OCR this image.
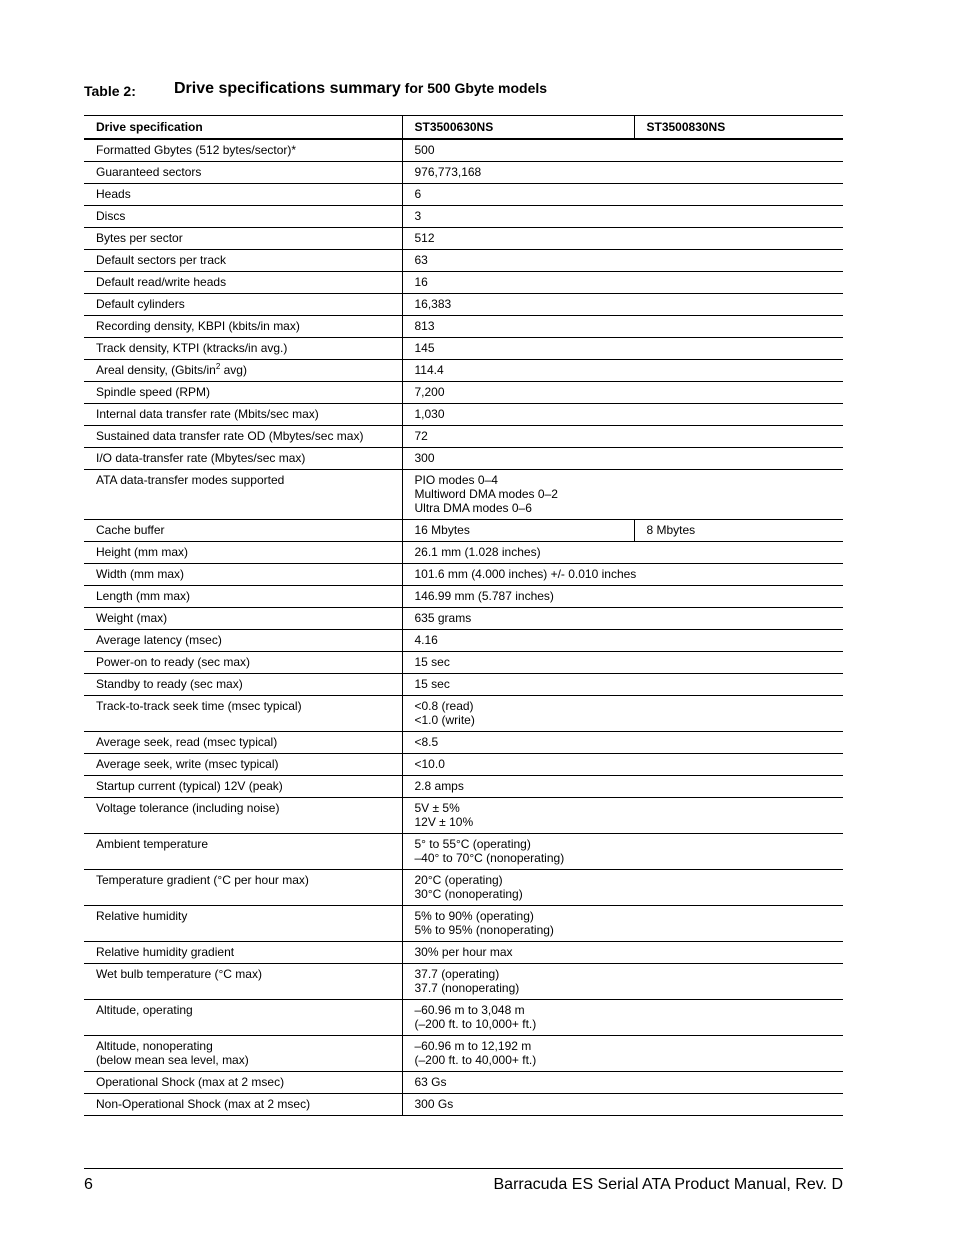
Table 2: Drive specifications summary for 500 Gbyte models
Drive specification	ST3500630NS	ST3500830NS
Formatted Gbytes (512 bytes/sector)*	500	

Guaranteed sectors	976,773,168	

Heads	6	

Discs	3	

Bytes per sector	512	

Default sectors per track	63	

Default read/write heads	16	

Default cylinders	16,383	

Recording density, KBPI (kbits/in max)	813	

Track density, KTPI (ktracks/in avg.)	145	

Areal density, ($Gbits/in^2$ avg)	114.4	

Spindle speed (RPM)	7,200	

Internal data transfer rate (Mbits/sec max)	1,030	

Sustained data transfer rate OD (Mbytes/sec max)	72	

I/O data-transfer rate (Mbytes/sec max)	300	

ATA data-transfer modes supported	PIO modes 0–4
Multiword DMA modes 0–2
Ultra DMA modes 0–6	

Cache buffer	16 Mbytes	8 Mbytes
Height (mm max)	26.1 mm (1.028 inches)	

Width (mm max)	101.6 mm (4.000 inches) +/- 0.010 inches	

Length (mm max)	146.99 mm (5.787 inches)	

Weight (max)	635 grams	

Average latency (msec)	4.16	

Power-on to ready (sec max)	15 sec	

Standby to ready (sec max)	15 sec	

Track-to-track seek time (msec typical)	<0.8 (read)
<1.0 (write)	

Average seek, read (msec typical)	<8.5	

Average seek, write (msec typical)	<10.0	

Startup current (typical) 12V (peak)	2.8 amps	

Voltage tolerance (including noise)	5V ± 5%
12V ± 10%	

Ambient temperature	5° to 55°C (operating)
–40° to 70°C (nonoperating)	

Temperature gradient (°C per hour max)	20°C (operating)
30°C (nonoperating)	

Relative humidity	5% to 90% (operating)
5% to 95% (nonoperating)	

Relative humidity gradient	30% per hour max	

Wet bulb temperature (°C max)	37.7 (operating)
37.7 (nonoperating)	

Altitude, operating	–60.96 m to 3,048 m
(–200 ft. to 10,000+ ft.)	

Altitude, nonoperating
(below mean sea level, max)	–60.96 m to 12,192 m
(–200 ft. to 40,000+ ft.)	

Operational Shock (max at 2 msec)	63 Gs	

Non-Operational Shock (max at 2 msec)	300 Gs	
6	Barracuda ES Serial ATA Product Manual, Rev. D
